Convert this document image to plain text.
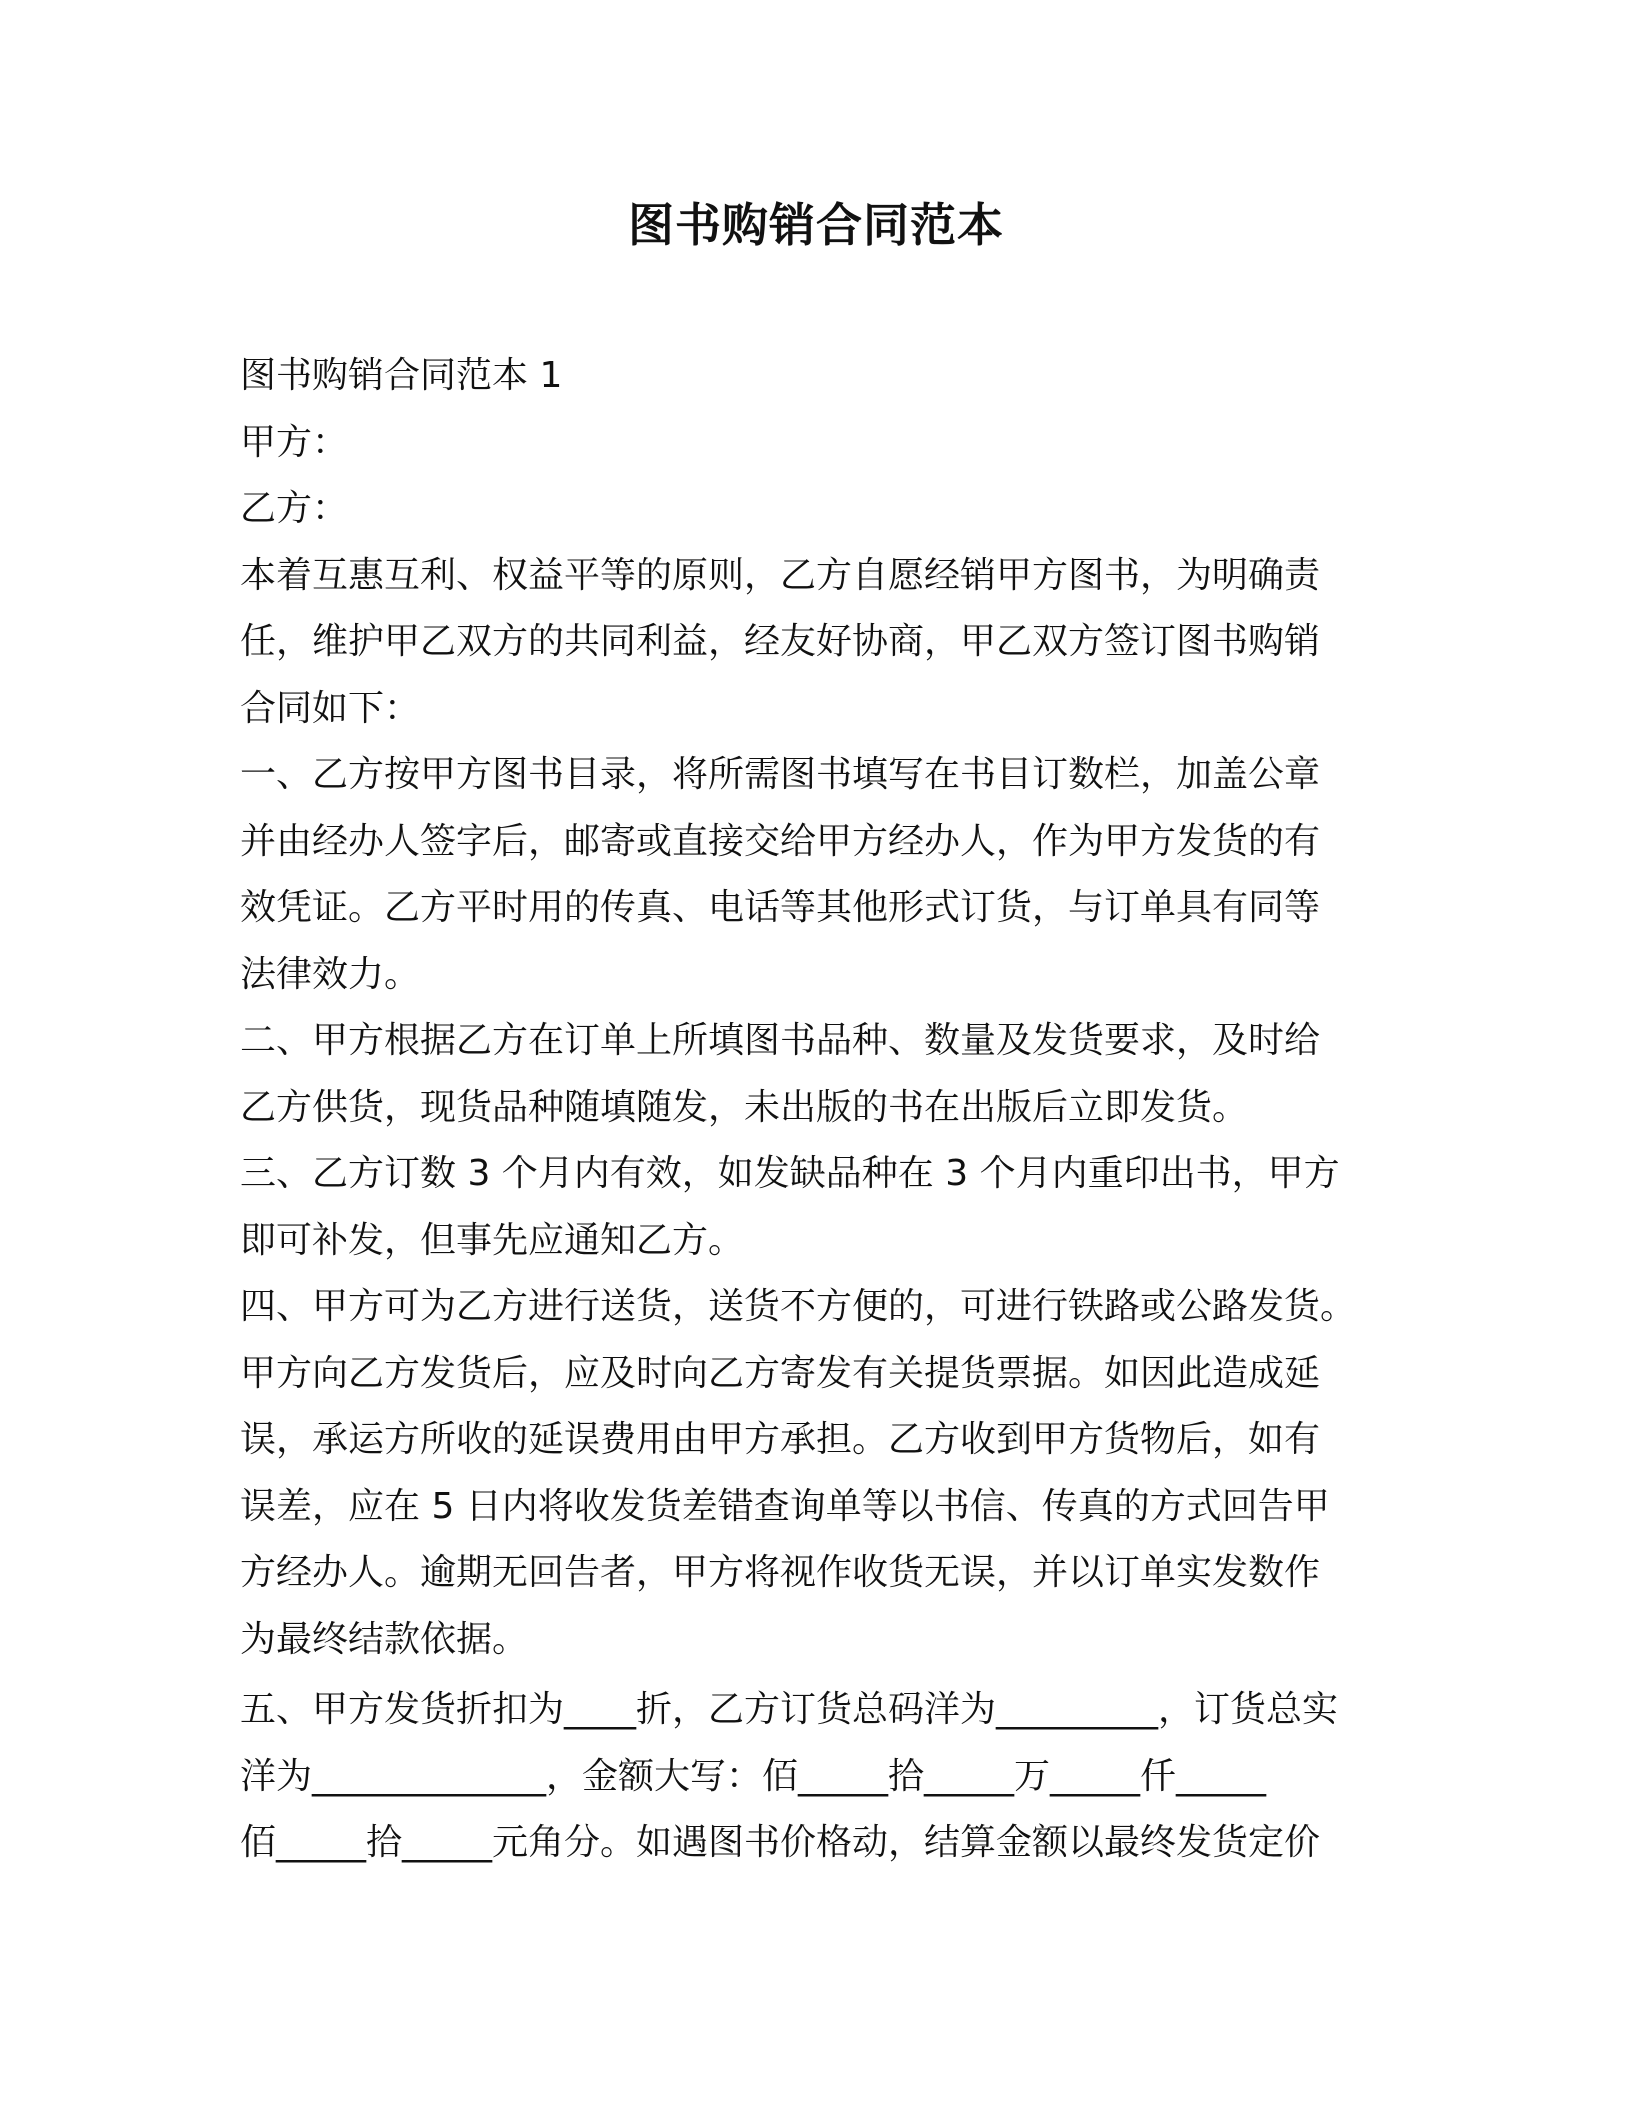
图书购销合同范本

图书购销合同范本 1

甲方：

乙方：

本着互惠互利、权益平等的原则，乙方自愿经销甲方图书，为明确责

任，维护甲乙双方的共同利益，经友好协商，甲乙双方签订图书购销

合同如下：

一、乙方按甲方图书目录，将所需图书填写在书目订数栏，加盖公章

并由经办人签字后，邮寄或直接交给甲方经办人，作为甲方发货的有

效凭证。乙方平时用的传真、电话等其他形式订货，与订单具有同等

法律效力。

二、甲方根据乙方在订单上所填图书品种、数量及发货要求，及时给

乙方供货，现货品种随填随发，未出版的书在出版后立即发货。

三、乙方订数 3 个月内有效，如发缺品种在 3 个月内重印出书，甲方

即可补发，但事先应通知乙方。

四、甲方可为乙方进行送货，送货不方便的，可进行铁路或公路发货。

甲方向乙方发货后，应及时向乙方寄发有关提货票据。如因此造成延

误，承运方所收的延误费用由甲方承担。乙方收到甲方货物后，如有

误差，应在 5 日内将收发货差错查询单等以书信、传真的方式回告甲

方经办人。逾期无回告者，甲方将视作收货无误，并以订单实发数作

为最终结款依据。

五、甲方发货折扣为____折，乙方订货总码洋为_________，订货总实

洋为_____________，金额大写：佰_____拾_____万_____仟_____

佰_____拾_____元角分。如遇图书价格动，结算金额以最终发货定价
